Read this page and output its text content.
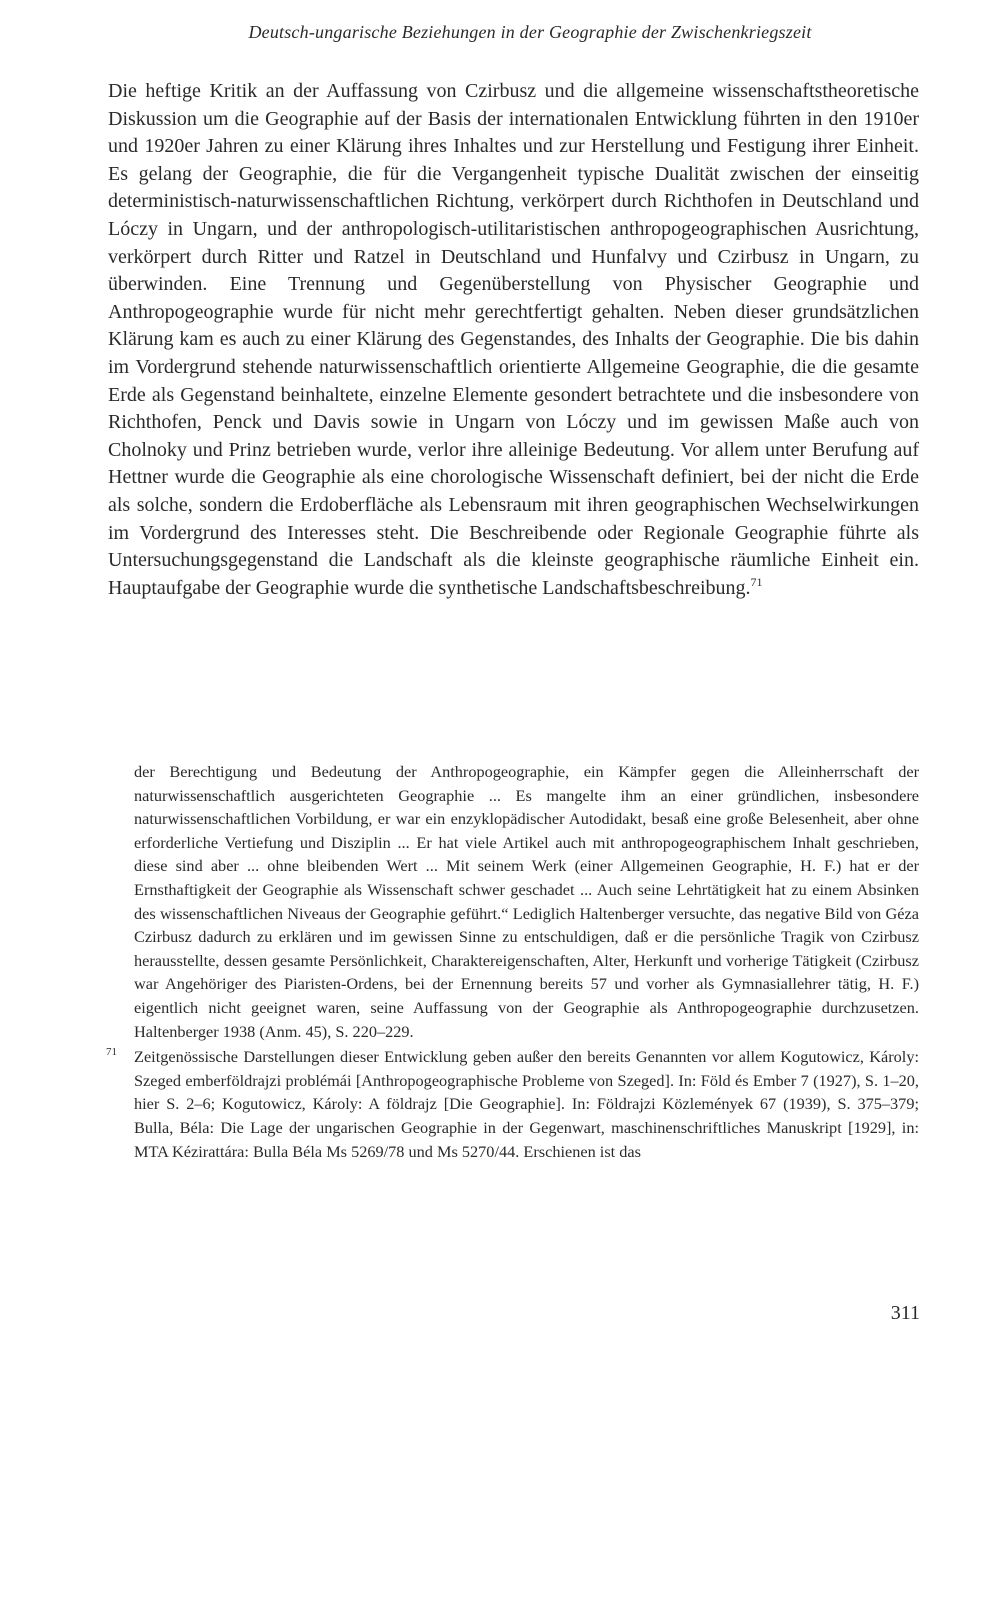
Deutsch-ungarische Beziehungen in der Geographie der Zwischenkriegszeit

Die heftige Kritik an der Auffassung von Czirbusz und die allgemeine wissenschaftstheoretische Diskussion um die Geographie auf der Basis der internationalen Entwicklung führten in den 1910er und 1920er Jahren zu einer Klärung ihres Inhaltes und zur Herstellung und Festigung ihrer Einheit. Es gelang der Geographie, die für die Vergangenheit typische Dualität zwischen der einseitig deterministisch-naturwissenschaftlichen Richtung, verkörpert durch Richthofen in Deutschland und Lóczy in Ungarn, und der anthropologisch-utilitaristischen anthropogeographischen Ausrichtung, verkörpert durch Ritter und Ratzel in Deutschland und Hunfalvy und Czirbusz in Ungarn, zu überwinden. Eine Trennung und Gegenüberstellung von Physischer Geographie und Anthropogeographie wurde für nicht mehr gerechtfertigt gehalten. Neben dieser grundsätzlichen Klärung kam es auch zu einer Klärung des Gegenstandes, des Inhalts der Geographie. Die bis dahin im Vordergrund stehende naturwissenschaftlich orientierte Allgemeine Geographie, die die gesamte Erde als Gegenstand beinhaltete, einzelne Elemente gesondert betrachtete und die insbesondere von Richthofen, Penck und Davis sowie in Ungarn von Lóczy und im gewissen Maße auch von Cholnoky und Prinz betrieben wurde, verlor ihre alleinige Bedeutung. Vor allem unter Berufung auf Hettner wurde die Geographie als eine chorologische Wissenschaft definiert, bei der nicht die Erde als solche, sondern die Erdoberfläche als Lebensraum mit ihren geographischen Wechselwirkungen im Vordergrund des Interesses steht. Die Beschreibende oder Regionale Geographie führte als Untersuchungsgegenstand die Landschaft als die kleinste geographische räumliche Einheit ein. Hauptaufgabe der Geographie wurde die synthetische Landschaftsbeschreibung.$^{71}$

der Berechtigung und Bedeutung der Anthropogeographie, ein Kämpfer gegen die Alleinherrschaft der naturwissenschaftlich ausgerichteten Geographie ... Es mangelte ihm an einer gründlichen, insbesondere naturwissenschaftlichen Vorbildung, er war ein enzyklopädischer Autodidakt, besaß eine große Belesenheit, aber ohne erforderliche Vertiefung und Disziplin ... Er hat viele Artikel auch mit anthropogeographischem Inhalt geschrieben, diese sind aber ... ohne bleibenden Wert ... Mit seinem Werk (einer Allgemeinen Geographie, H. F.) hat er der Ernsthaftigkeit der Geographie als Wissenschaft schwer geschadet ... Auch seine Lehrtätigkeit hat zu einem Absinken des wissenschaftlichen Niveaus der Geographie geführt.“ Lediglich Haltenberger versuchte, das negative Bild von Géza Czirbusz dadurch zu erklären und im gewissen Sinne zu entschuldigen, daß er die persönliche Tragik von Czirbusz herausstellte, dessen gesamte Persönlichkeit, Charaktereigenschaften, Alter, Herkunft und vorherige Tätigkeit (Czirbusz war Angehöriger des Piaristen-Ordens, bei der Ernennung bereits 57 und vorher als Gymnasiallehrer tätig, H. F.) eigentlich nicht geeignet waren, seine Auffassung von der Geographie als Anthropogeographie durchzusetzen. Haltenberger 1938 (Anm. 45), S. 220–229.

71 Zeitgenössische Darstellungen dieser Entwicklung geben außer den bereits Genannten vor allem Kogutowicz, Károly: Szeged emberföldrajzi problémái [Anthropogeographische Probleme von Szeged]. In: Föld és Ember 7 (1927), S. 1–20, hier S. 2–6; Kogutowicz, Károly: A földrajz [Die Geographie]. In: Földrajzi Közlemények 67 (1939), S. 375–379; Bulla, Béla: Die Lage der ungarischen Geographie in der Gegenwart, maschinenschriftliches Manuskript [1929], in: MTA Kézirattára: Bulla Béla Ms 5269/78 und Ms 5270/44. Erschienen ist das

311
